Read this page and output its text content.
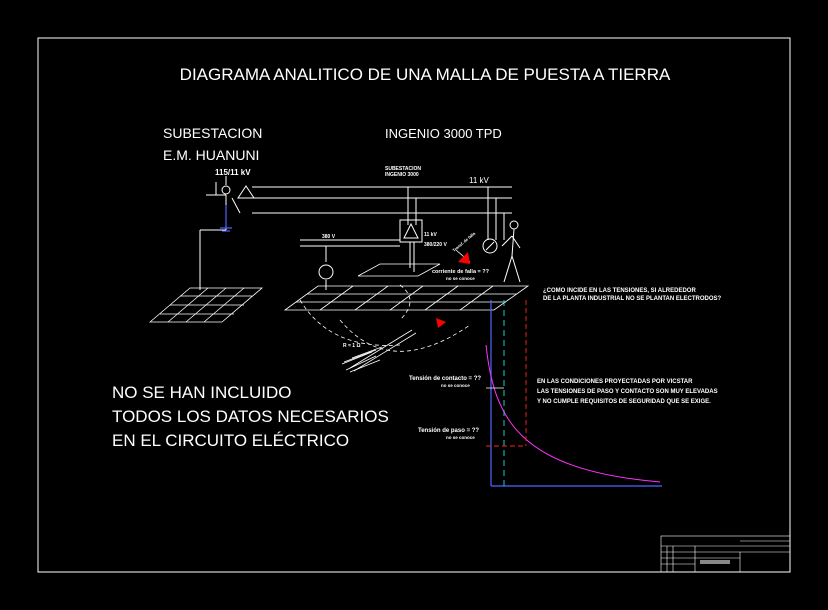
DIAGRAMA ANALITICO DE UNA MALLA DE PUESTA A TIERRA
SUBESTACION
E.M. HUANUNI
115/11 kV
INGENIO 3000 TPD
SUBESTACION
INGENIO 3000
11 kV
380 V	11 kV
380/220 V Transf. de falla
corriente de falla = ??
no se conoce
R = 1 Ω
¿COMO INCIDE EN LAS TENSIONES, SI ALREDEDOR
DE LA PLANTA INDUSTRIAL NO SE PLANTAN ELECTRODOS?
NO SE HAN INCLUIDO
TODOS LOS DATOS NECESARIOS
EN EL CIRCUITO ELÉCTRICO
Tensión de contacto = ??
no se conoce
Tensión de paso = ??
no se conoce
EN LAS CONDICIONES PROYECTADAS POR VICSTAR
LAS TENSIONES DE PASO Y CONTACTO SON MUY ELEVADAS
Y NO CUMPLE REQUISITOS DE SEGURIDAD QUE SE EXIGE.
